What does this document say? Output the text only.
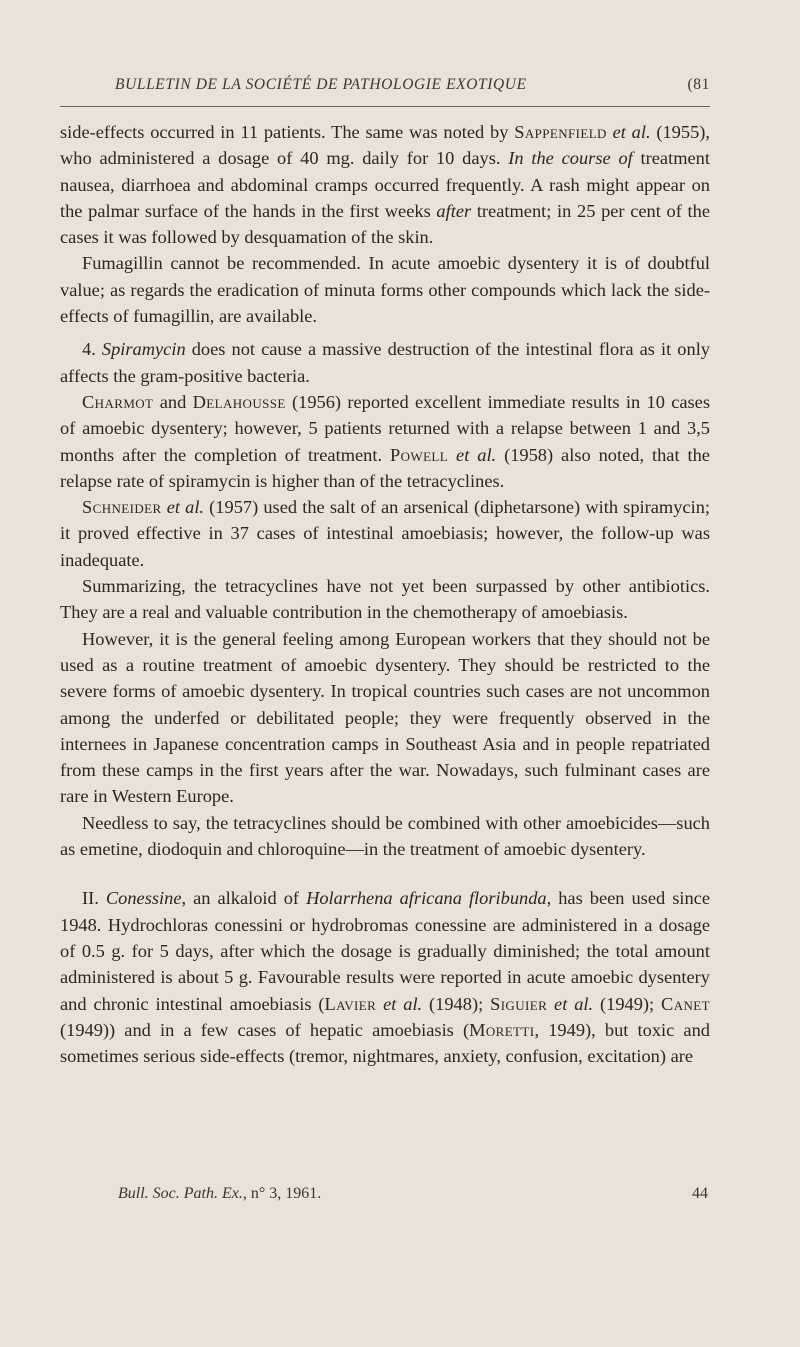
BULLETIN DE LA SOCIÉTÉ DE PATHOLOGIE EXOTIQUE	(81

side-effects occurred in 11 patients. The same was noted by Sappenfield et al. (1955), who administered a dosage of 40 mg. daily for 10 days. In the course of treatment nausea, diarrhoea and abdominal cramps occurred frequently. A rash might appear on the palmar surface of the hands in the first weeks after treatment; in 25 per cent of the cases it was followed by desquamation of the skin.

Fumagillin cannot be recommended. In acute amoebic dysentery it is of doubtful value; as regards the eradication of minuta forms other compounds which lack the side-effects of fumagillin, are available.

4. Spiramycin does not cause a massive destruction of the intestinal flora as it only affects the gram-positive bacteria.

Charmot and Delahousse (1956) reported excellent immediate results in 10 cases of amoebic dysentery; however, 5 patients returned with a relapse between 1 and 3,5 months after the completion of treatment. Powell et al. (1958) also noted, that the relapse rate of spiramycin is higher than of the tetracyclines.

Schneider et al. (1957) used the salt of an arsenical (diphetarsone) with spiramycin; it proved effective in 37 cases of intestinal amoebiasis; however, the follow-up was inadequate.

Summarizing, the tetracyclines have not yet been surpassed by other antibiotics. They are a real and valuable contribution in the chemotherapy of amoebiasis.

However, it is the general feeling among European workers that they should not be used as a routine treatment of amoebic dysentery. They should be restricted to the severe forms of amoebic dysentery. In tropical countries such cases are not uncommon among the underfed or debilitated people; they were frequently observed in the internees in Japanese concentration camps in Southeast Asia and in people repatriated from these camps in the first years after the war. Nowadays, such fulminant cases are rare in Western Europe.

Needless to say, the tetracyclines should be combined with other amoebicides—such as emetine, diodoquin and chloroquine—in the treatment of amoebic dysentery.

II. Conessine, an alkaloid of Holarrhena africana floribunda, has been used since 1948. Hydrochloras conessini or hydrobromas conessine are administered in a dosage of 0.5 g. for 5 days, after which the dosage is gradually diminished; the total amount administered is about 5 g. Favourable results were reported in acute amoebic dysentery and chronic intestinal amoebiasis (Lavier et al. (1948); Siguier et al. (1949); Canet (1949)) and in a few cases of hepatic amoebiasis (Moretti, 1949), but toxic and sometimes serious side-effects (tremor, nightmares, anxiety, confusion, excitation) are

Bull. Soc. Path. Ex., n° 3, 1961.	44
